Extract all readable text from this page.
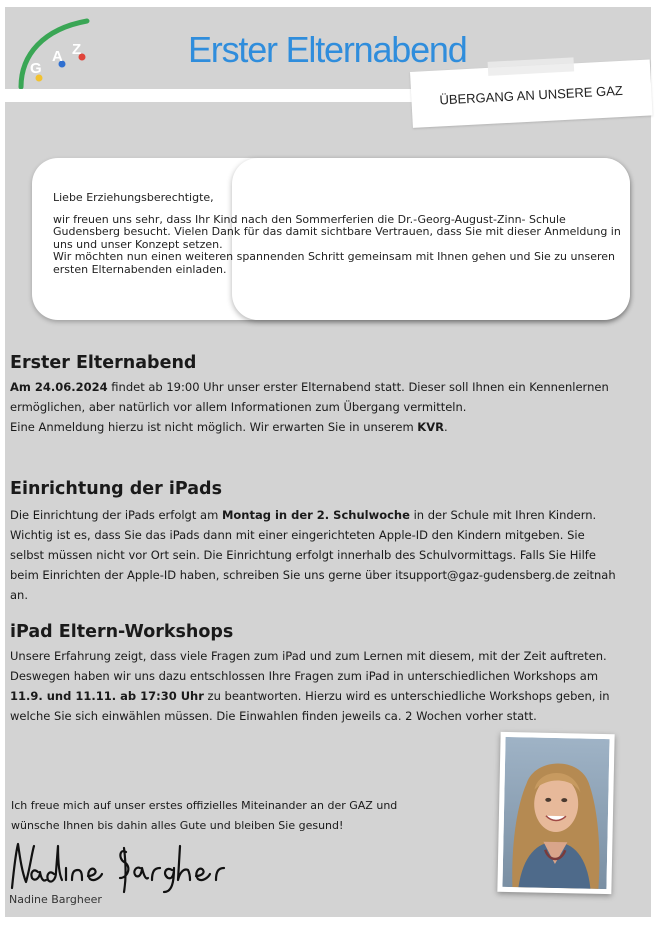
G
A Z	Erster Elternabend
ÜBERGANG AN UNSERE GAZ

Liebe Erziehungsberechtigte,

wir freuen uns sehr, dass Ihr Kind nach den Sommerferien die Dr.-Georg-August-Zinn- Schule Gudensberg besucht. Vielen Dank für das damit sichtbare Vertrauen, dass Sie mit dieser Anmeldung in uns und unser Konzept setzen.

Wir möchten nun einen weiteren spannenden Schritt gemeinsam mit Ihnen gehen und Sie zu unseren ersten Elternabenden einladen.

Erster Elternabend

Am 24.06.2024 findet ab 19:00 Uhr unser erster Elternabend statt. Dieser soll Ihnen ein Kennenlernen ermöglichen, aber natürlich vor allem Informationen zum Übergang vermitteln.

Eine Anmeldung hierzu ist nicht möglich. Wir erwarten Sie in unserem KVR.

Einrichtung der iPads

Die Einrichtung der iPads erfolgt am Montag in der 2. Schulwoche in der Schule mit Ihren Kindern. Wichtig ist es, dass Sie das iPads dann mit einer eingerichteten Apple-ID den Kindern mitgeben. Sie selbst müssen nicht vor Ort sein. Die Einrichtung erfolgt innerhalb des Schulvormittags. Falls Sie Hilfe beim Einrichten der Apple-ID haben, schreiben Sie uns gerne über itsupport@gaz-gudensberg.de zeitnah an.

iPad Eltern-Workshops

Unsere Erfahrung zeigt, dass viele Fragen zum iPad und zum Lernen mit diesem, mit der Zeit auftreten. Deswegen haben wir uns dazu entschlossen Ihre Fragen zum iPad in unterschiedlichen Workshops am 11.9. und 11.11. ab 17:30 Uhr zu beantworten. Hierzu wird es unterschiedliche Workshops geben, in welche Sie sich einwählen müssen. Die Einwahlen finden jeweils ca. 2 Wochen vorher statt.

Ich freue mich auf unser erstes offizielles Miteinander an der GAZ und

wünsche Ihnen bis dahin alles Gute und bleiben Sie gesund!

Nadine Bargheer
